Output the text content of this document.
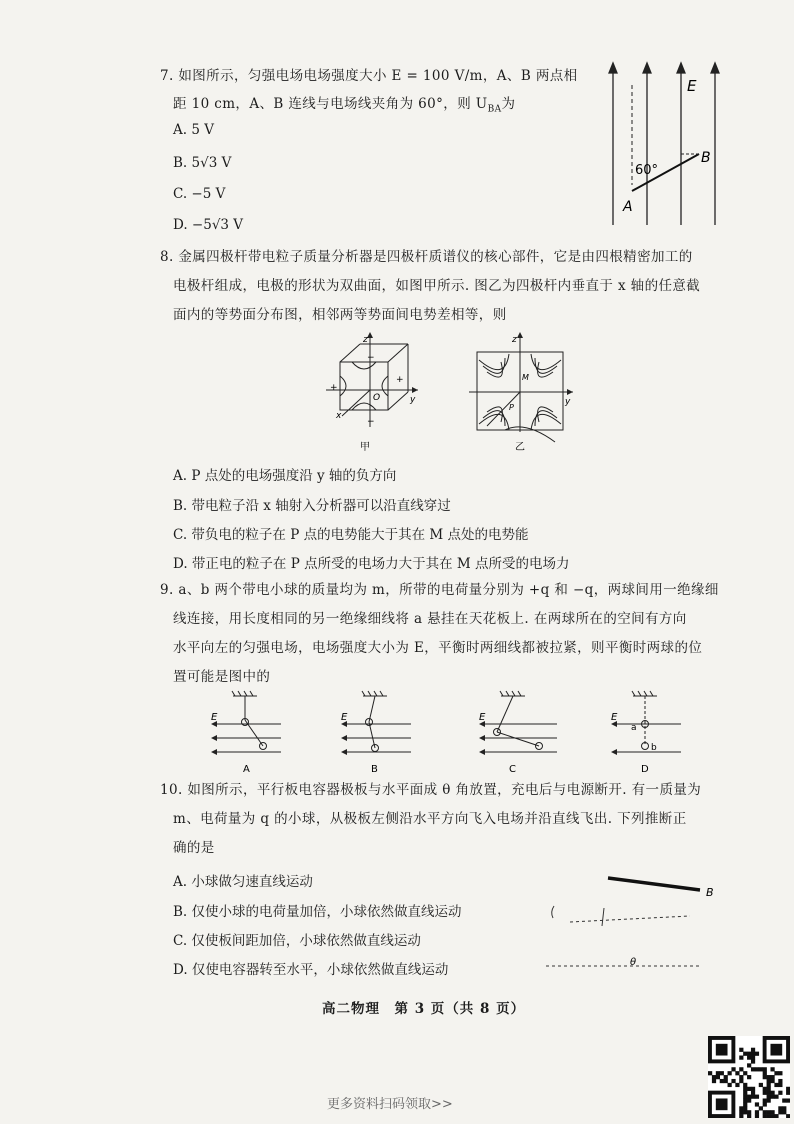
7. 如图所示，匀强电场电场强度大小 E = 100 V/m，A、B 两点相
距 10 cm，A、B 连线与电场线夹角为 60°，则 $U_{BA}$为
A. 5 V
B. 5√3 V
C. −5 V
D. −5√3 V
E
60°
B
A
8. 金属四极杆带电粒子质量分析器是四极杆质谱仪的核心部件，它是由四根精密加工的
电极杆组成，电极的形状为双曲面，如图甲所示. 图乙为四极杆内垂直于 x 轴的任意截
面内的等势面分布图，相邻两等势面间电势差相等，则
z
y
x
O
+
+
−
−
甲
z
y
M
P
乙
A. P 点处的电场强度沿 y 轴的负方向
B. 带电粒子沿 x 轴射入分析器可以沿直线穿过
C. 带负电的粒子在 P 点的电势能大于其在 M 点处的电势能
D. 带正电的粒子在 P 点所受的电场力大于其在 M 点所受的电场力
9. a、b 两个带电小球的质量均为 m，所带的电荷量分别为 +q 和 −q，两球间用一绝缘细
线连接，用长度相同的另一绝缘细线将 a 悬挂在天花板上. 在两球所在的空间有方向
水平向左的匀强电场，电场强度大小为 E，平衡时两细线都被拉紧，则平衡时两球的位
置可能是图中的
E
A
E
B
E
C
E
a
b
D
10. 如图所示，平行板电容器极板与水平面成 θ 角放置，充电后与电源断开. 有一质量为
m、电荷量为 q 的小球，从极板左侧沿水平方向飞入电场并沿直线飞出. 下列推断正
确的是
A. 小球做匀速直线运动
B. 仅使小球的电荷量加倍，小球依然做直线运动
C. 仅使板间距加倍，小球依然做直线运动
D. 仅使电容器转至水平，小球依然做直线运动
B
θ
高二物理　第 3 页（共 8 页）
更多资料扫码领取>>
